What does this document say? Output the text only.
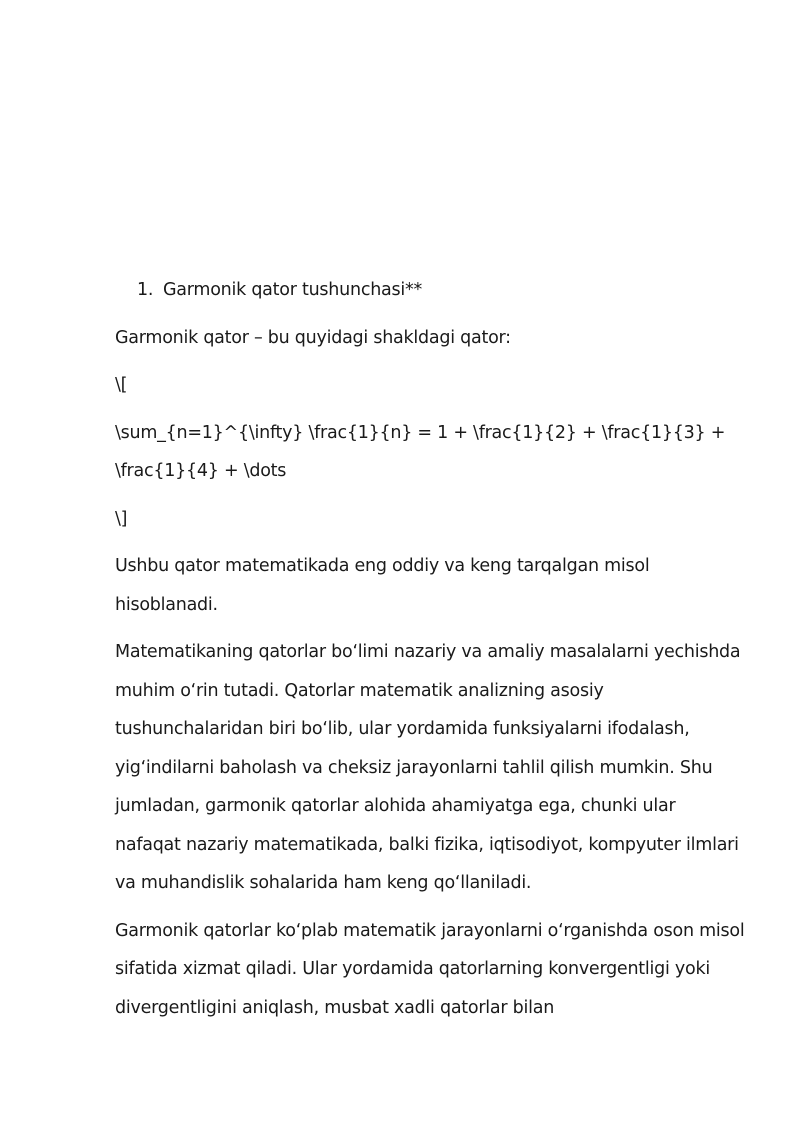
1. Garmonik qator tushunchasi**

Garmonik qator – bu quyidagi shakldagi qator:

\[

\sum_{n=1}^{\infty} \frac{1}{n} = 1 + \frac{1}{2} + \frac{1}{3} + \frac{1}{4} + \dots

\]

Ushbu qator matematikada eng oddiy va keng tarqalgan misol hisoblanadi.

Matematikaning qatorlar bo‘limi nazariy va amaliy masalalarni yechishda muhim o‘rin tutadi. Qatorlar matematik analizning asosiy tushunchalaridan biri bo‘lib, ular yordamida funksiyalarni ifodalash, yig‘indilarni baholash va cheksiz jarayonlarni tahlil qilish mumkin. Shu jumladan, garmonik qatorlar alohida ahamiyatga ega, chunki ular nafaqat nazariy matematikada, balki fizika, iqtisodiyot, kompyuter ilmlari va muhandislik sohalarida ham keng qo‘llaniladi.

Garmonik qatorlar ko‘plab matematik jarayonlarni o‘rganishda oson misol sifatida xizmat qiladi. Ular yordamida qatorlarning konvergentligi yoki divergentligini aniqlash, musbat xadli qatorlar bilan
